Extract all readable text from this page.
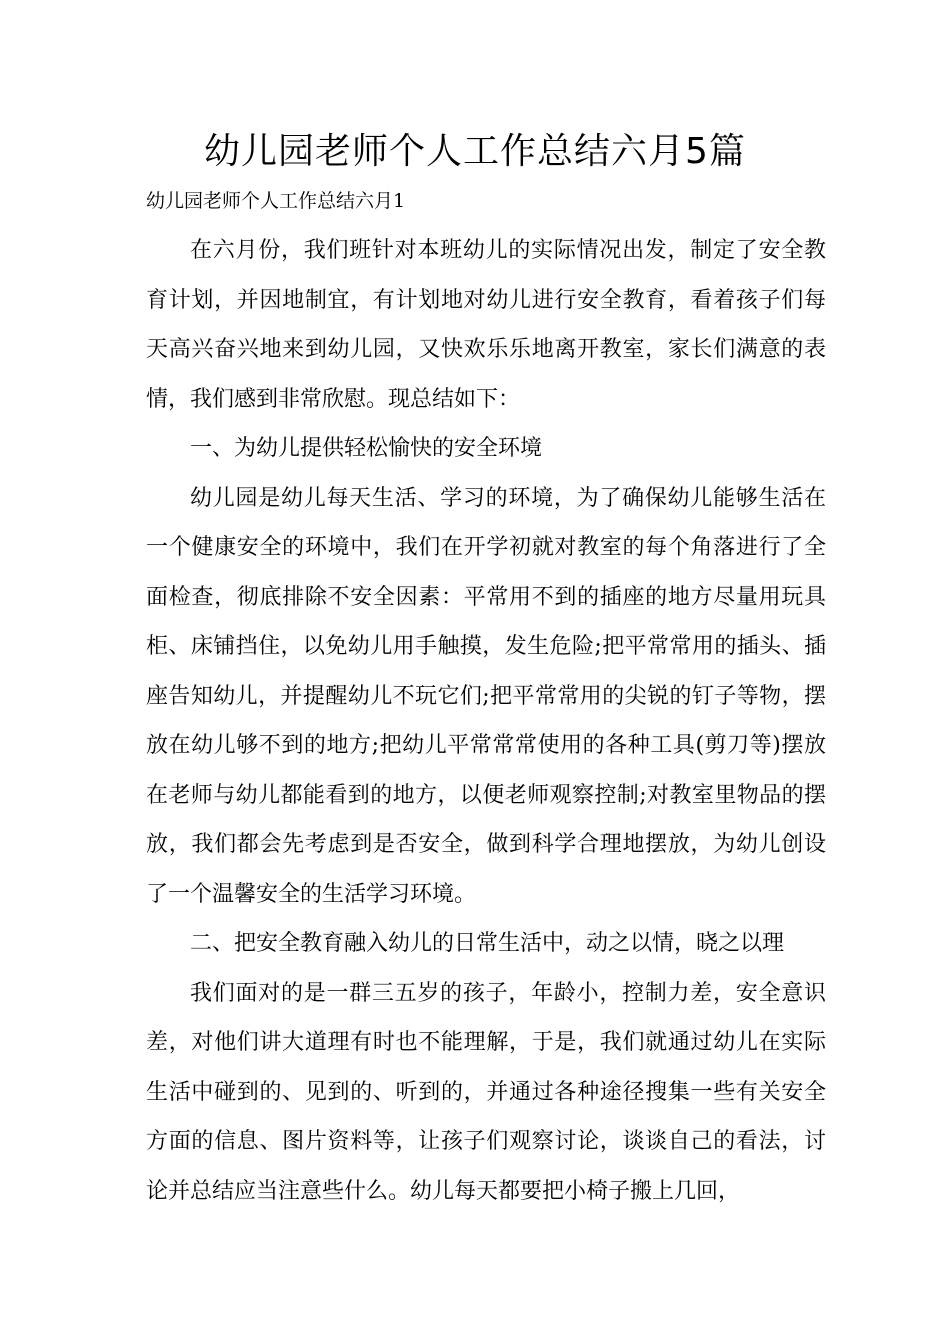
幼儿园老师个人工作总结六月5篇
幼儿园老师个人工作总结六月1

在六月份，我们班针对本班幼儿的实际情况出发，制定了安全教育计划，并因地制宜，有计划地对幼儿进行安全教育，看着孩子们每天高兴奋兴地来到幼儿园，又快欢乐乐地离开教室，家长们满意的表情，我们感到非常欣慰。现总结如下：

一、为幼儿提供轻松愉快的安全环境

幼儿园是幼儿每天生活、学习的环境，为了确保幼儿能够生活在一个健康安全的环境中，我们在开学初就对教室的每个角落进行了全面检查，彻底排除不安全因素：平常用不到的插座的地方尽量用玩具柜、床铺挡住，以免幼儿用手触摸，发生危险;把平常常用的插头、插座告知幼儿，并提醒幼儿不玩它们;把平常常用的尖锐的钉子等物，摆放在幼儿够不到的地方;把幼儿平常常常使用的各种工具(剪刀等)摆放在老师与幼儿都能看到的地方，以便老师观察控制;对教室里物品的摆放，我们都会先考虑到是否安全，做到科学合理地摆放，为幼儿创设了一个温馨安全的生活学习环境。

二、把安全教育融入幼儿的日常生活中，动之以情，晓之以理

我们面对的是一群三五岁的孩子，年龄小，控制力差，安全意识差，对他们讲大道理有时也不能理解，于是，我们就通过幼儿在实际生活中碰到的、见到的、听到的，并通过各种途径搜集一些有关安全方面的信息、图片资料等，让孩子们观察讨论，谈谈自己的看法，讨论并总结应当注意些什么。幼儿每天都要把小椅子搬上几回，
